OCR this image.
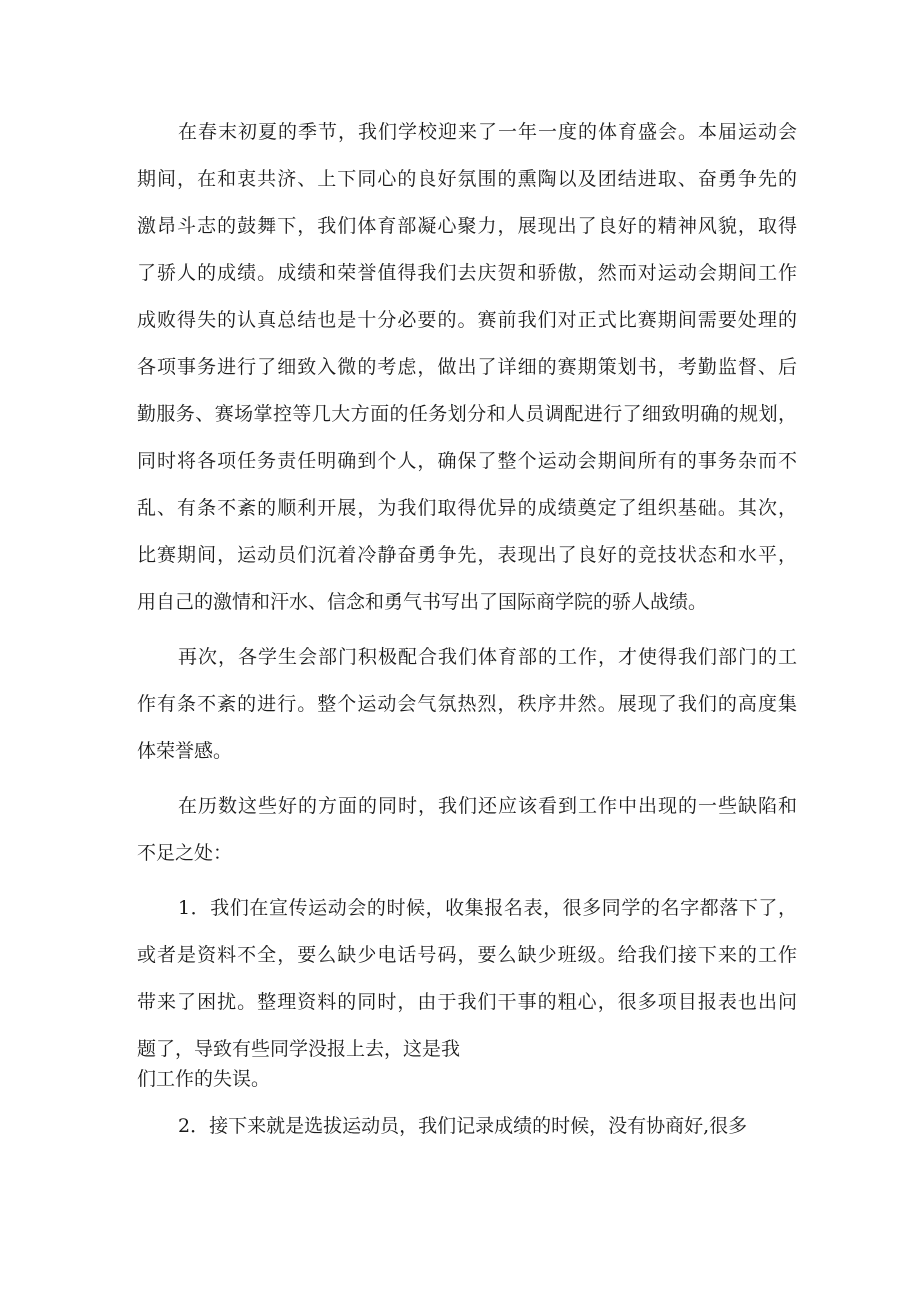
在春末初夏的季节，我们学校迎来了一年一度的体育盛会。本届运动会
期间，在和衷共济、上下同心的良好氛围的熏陶以及团结进取、奋勇争先的
激昂斗志的鼓舞下，我们体育部凝心聚力，展现出了良好的精神风貌，取得
了骄人的成绩。成绩和荣誉值得我们去庆贺和骄傲，然而对运动会期间工作
成败得失的认真总结也是十分必要的。赛前我们对正式比赛期间需要处理的
各项事务进行了细致入微的考虑，做出了详细的赛期策划书，考勤监督、后
勤服务、赛场掌控等几大方面的任务划分和人员调配进行了细致明确的规划，
同时将各项任务责任明确到个人，确保了整个运动会期间所有的事务杂而不
乱、有条不紊的顺利开展，为我们取得优异的成绩奠定了组织基础。其次，
比赛期间，运动员们沉着冷静奋勇争先，表现出了良好的竞技状态和水平，
用自己的激情和汗水、信念和勇气书写出了国际商学院的骄人战绩。
再次，各学生会部门积极配合我们体育部的工作，才使得我们部门的工
作有条不紊的进行。整个运动会气氛热烈，秩序井然。展现了我们的高度集
体荣誉感。
在历数这些好的方面的同时，我们还应该看到工作中出现的一些缺陷和
不足之处：
1．我们在宣传运动会的时候，收集报名表，很多同学的名字都落下了，
或者是资料不全，要么缺少电话号码，要么缺少班级。给我们接下来的工作
带来了困扰。整理资料的同时，由于我们干事的粗心，很多项目报表也出问
题了，导致有些同学没报上去，这是我
们工作的失误。
2．接下来就是选拔运动员，我们记录成绩的时候，没有协商好,很多
